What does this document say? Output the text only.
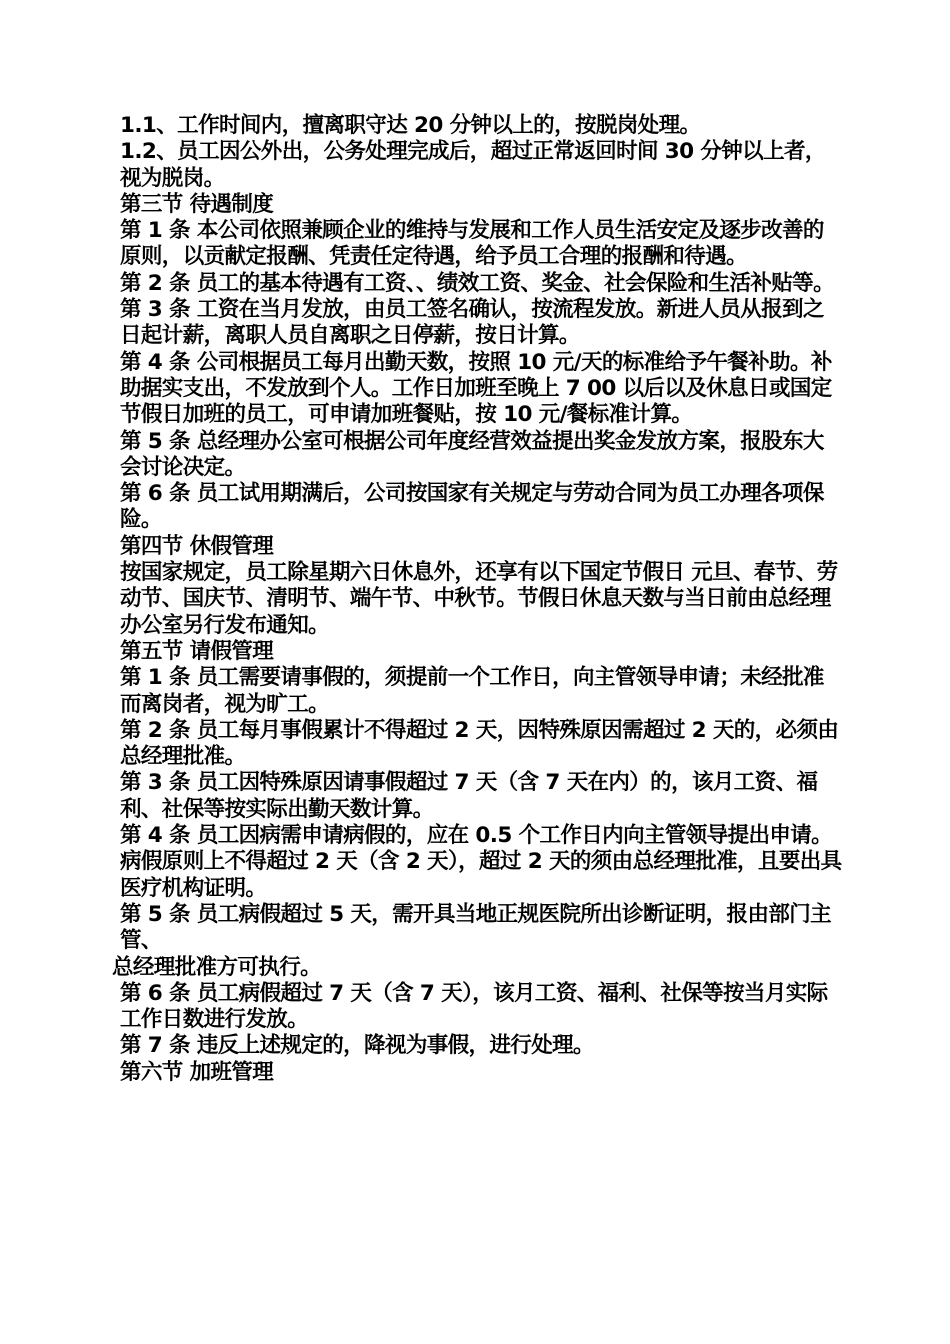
1.1、工作时间内，擅离职守达 20 分钟以上的，按脱岗处理。

1.2、员工因公外出，公务处理完成后，超过正常返回时间 30 分钟以上者，视为脱岗。

第三节 待遇制度

第 1 条 本公司依照兼顾企业的维持与发展和工作人员生活安定及逐步改善的原则，以贡献定报酬、凭责任定待遇，给予员工合理的报酬和待遇。

第 2 条 员工的基本待遇有工资、、绩效工资、奖金、社会保险和生活补贴等。

第 3 条 工资在当月发放，由员工签名确认，按流程发放。新进人员从报到之日起计薪，离职人员自离职之日停薪，按日计算。

第 4 条 公司根据员工每月出勤天数，按照 10 元/天的标准给予午餐补助。补助据实支出，不发放到个人。工作日加班至晚上 7 00 以后以及休息日或国定节假日加班的员工，可申请加班餐贴，按 10 元/餐标准计算。

第 5 条 总经理办公室可根据公司年度经营效益提出奖金发放方案，报股东大会讨论决定。

第 6 条 员工试用期满后，公司按国家有关规定与劳动合同为员工办理各项保险。

第四节 休假管理

按国家规定，员工除星期六日休息外，还享有以下国定节假日 元旦、春节、劳动节、国庆节、清明节、端午节、中秋节。节假日休息天数与当日前由总经理办公室另行发布通知。

第五节 请假管理

第 1 条 员工需要请事假的，须提前一个工作日，向主管领导申请；未经批准而离岗者，视为旷工。

第 2 条 员工每月事假累计不得超过 2 天，因特殊原因需超过 2 天的，必须由总经理批准。

第 3 条 员工因特殊原因请事假超过 7 天（含 7 天在内）的，该月工资、福利、社保等按实际出勤天数计算。

第 4 条 员工因病需申请病假的，应在 0.5 个工作日内向主管领导提出申请。病假原则上不得超过 2 天（含 2 天），超过 2 天的须由总经理批准，且要出具医疗机构证明。

第 5 条 员工病假超过 5 天，需开具当地正规医院所出诊断证明，报由部门主管、

总经理批准方可执行。

第 6 条 员工病假超过 7 天（含 7 天），该月工资、福利、社保等按当月实际工作日数进行发放。

第 7 条 违反上述规定的，降视为事假，进行处理。

第六节 加班管理
